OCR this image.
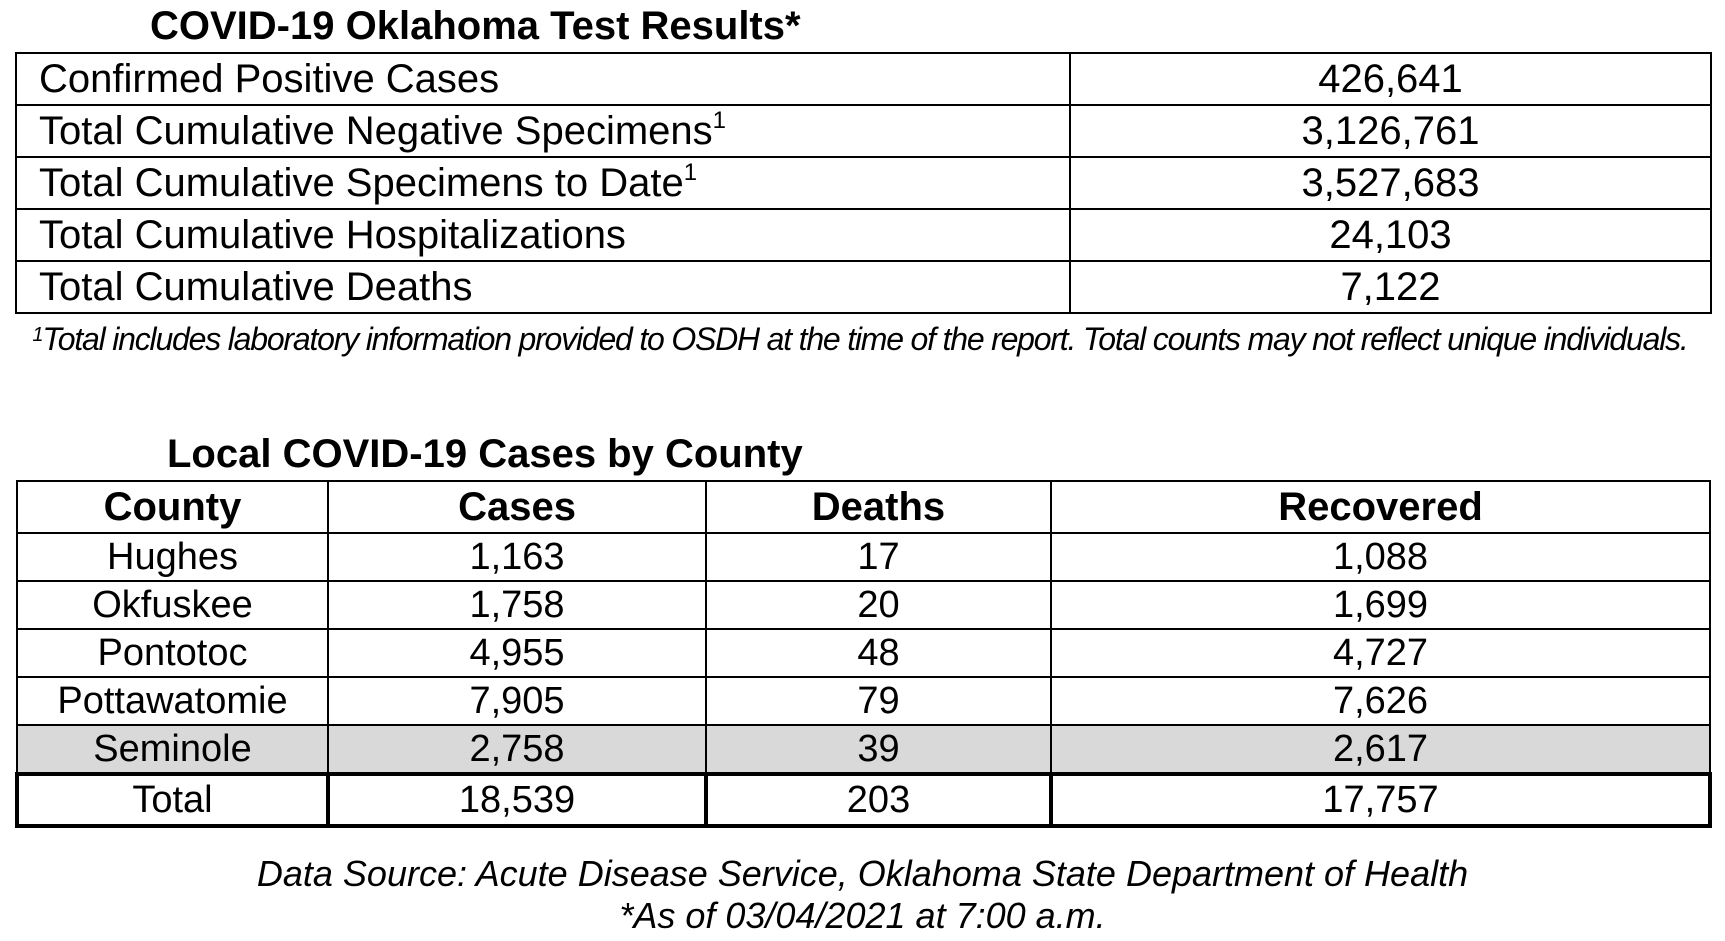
COVID-19 Oklahoma Test Results*
Confirmed Positive Cases	426,641
Total Cumulative Negative Specimens$^1$	3,126,761
Total Cumulative Specimens to Date$^1$	3,527,683
Total Cumulative Hospitalizations	24,103
Total Cumulative Deaths	7,122
$^1$Total includes laboratory information provided to OSDH at the time of the report. Total counts may not reflect unique individuals.
Local COVID-19 Cases by County
County	Cases	Deaths	Recovered
Hughes	1,163	17	1,088
Okfuskee	1,758	20	1,699
Pontotoc	4,955	48	4,727
Pottawatomie	7,905	79	7,626
Seminole	2,758	39	2,617
Total	18,539	203	17,757
Data Source: Acute Disease Service, Oklahoma State Department of Health
*As of 03/04/2021 at 7:00 a.m.
